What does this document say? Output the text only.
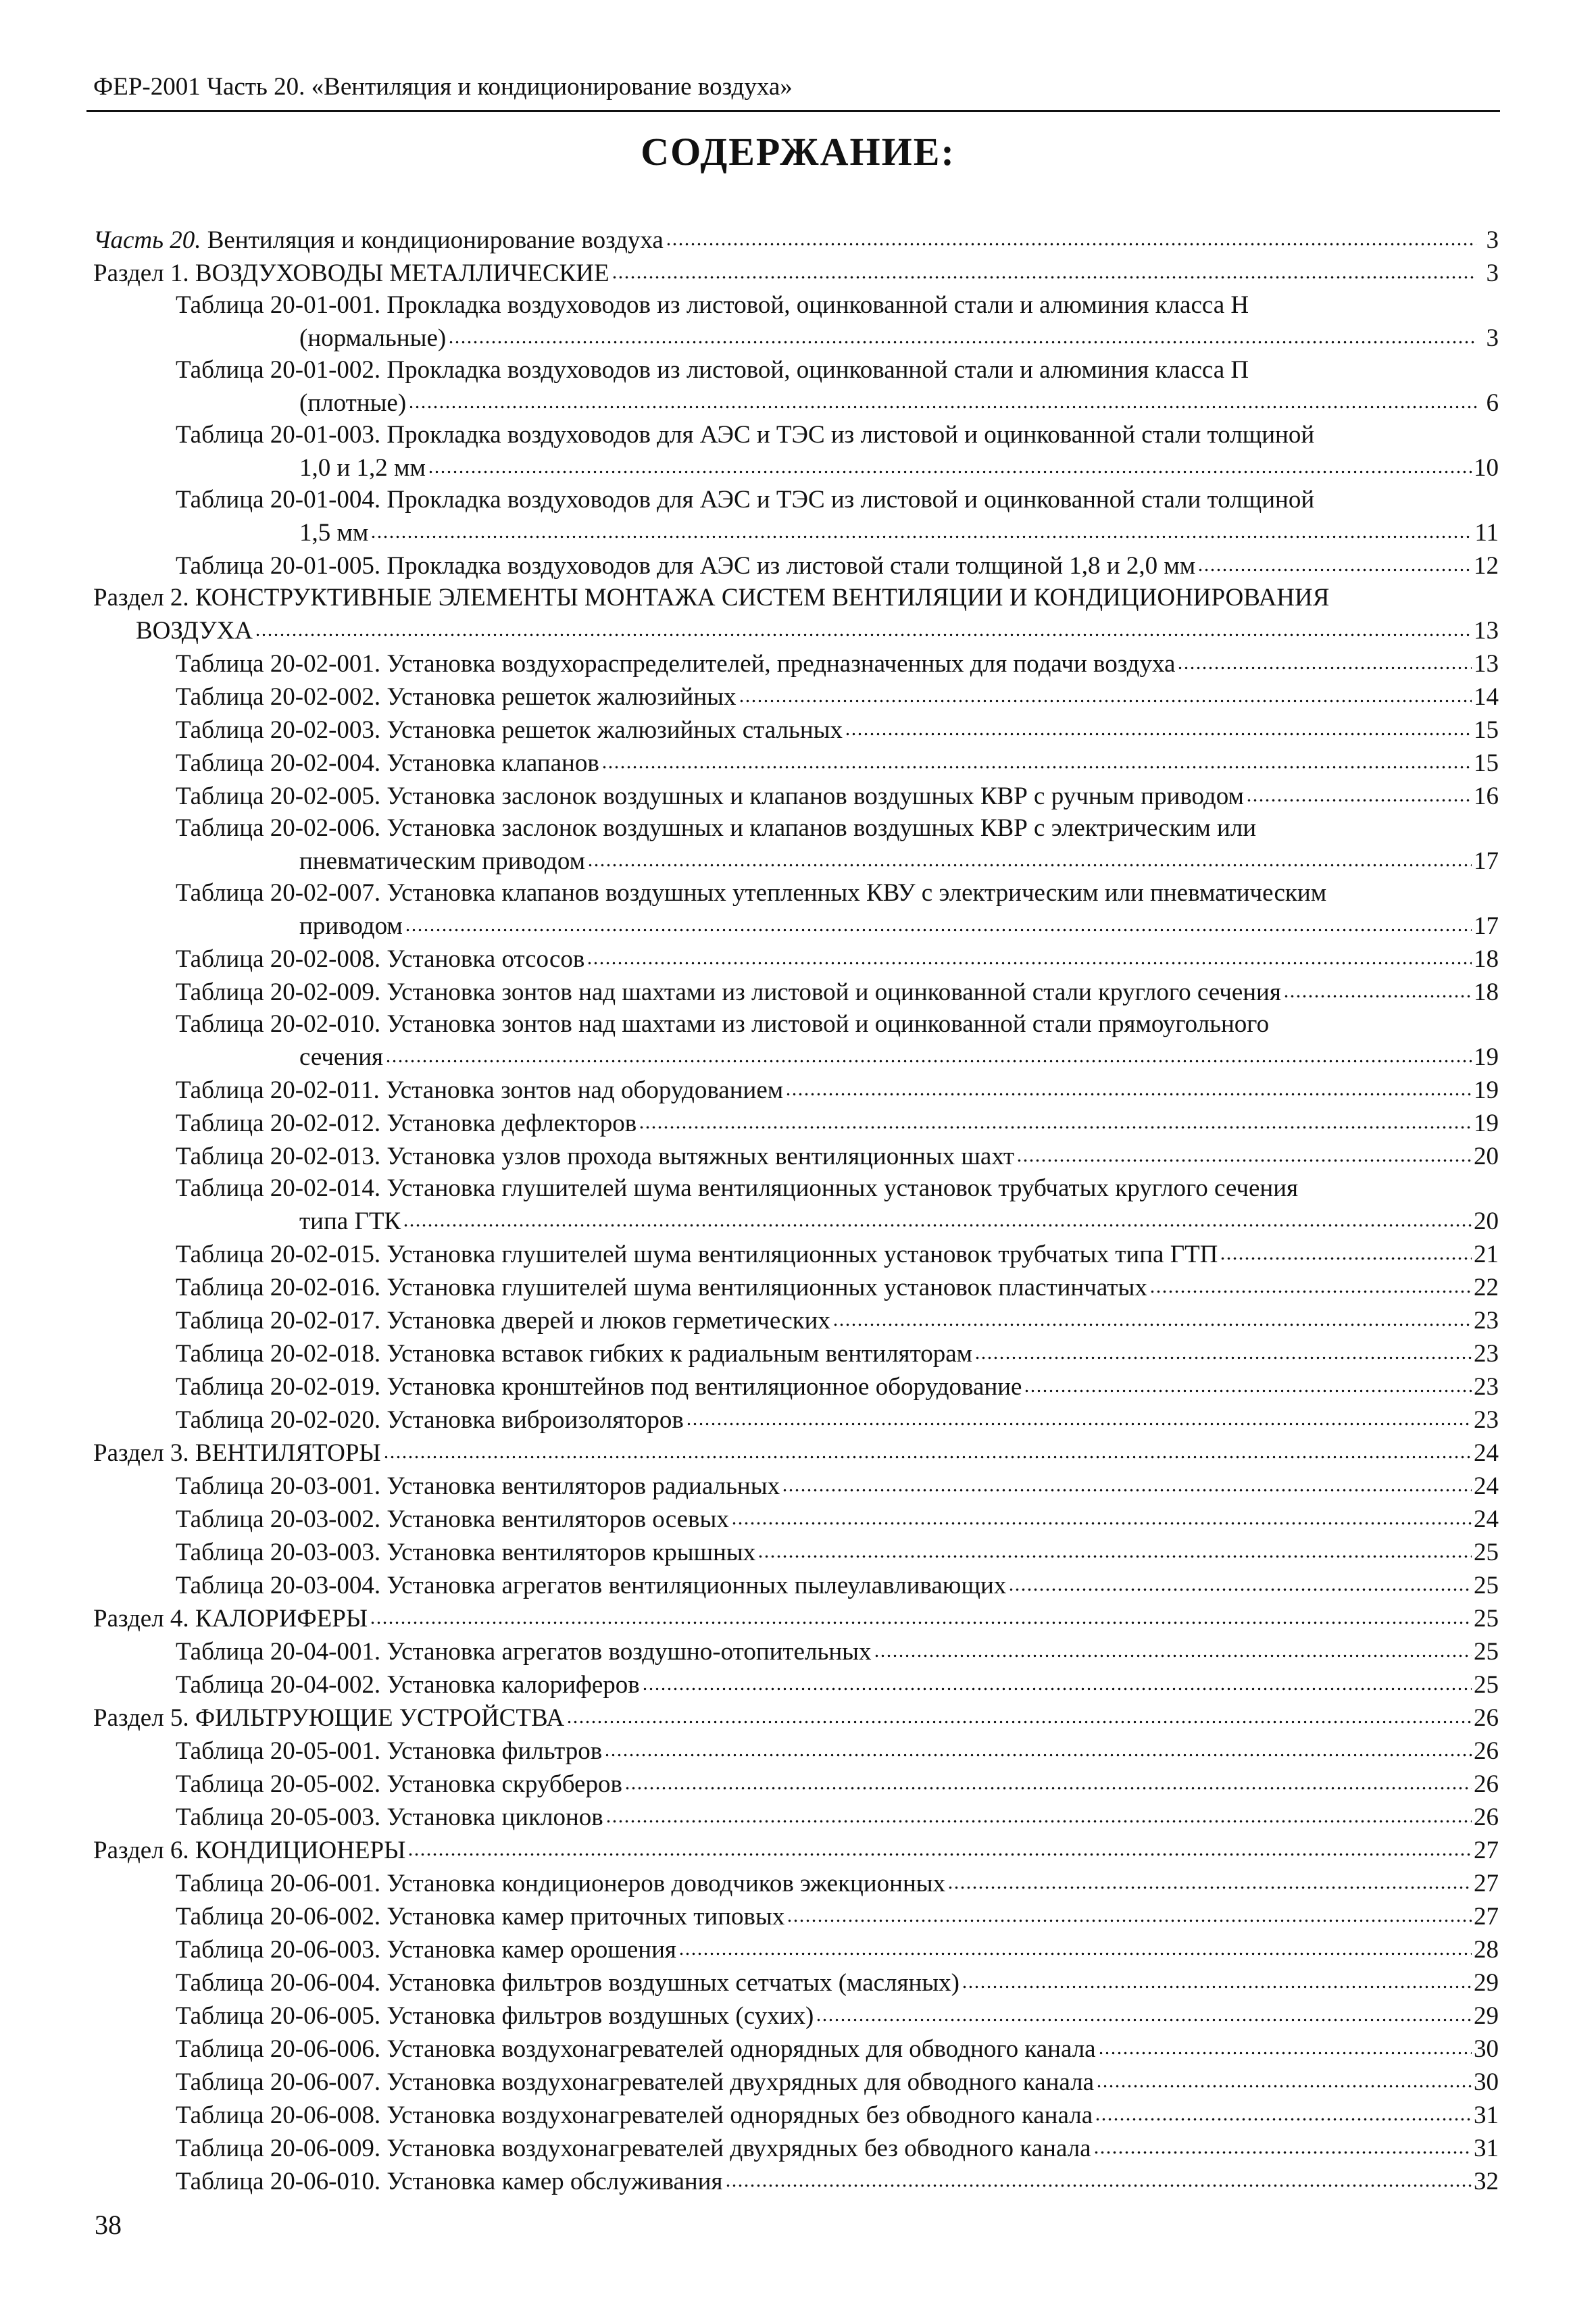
ФЕР-2001 Часть 20. «Вентиляция и кондиционирование воздуха»
СОДЕРЖАНИЕ:
Часть 20. Вентиляция и кондиционирование воздуха	3
Раздел 1. ВОЗДУХОВОДЫ МЕТАЛЛИЧЕСКИЕ	3
Таблица 20-01-001. Прокладка воздуховодов из листовой, оцинкованной стали и алюминия класса Н
(нормальные)	3
Таблица 20-01-002. Прокладка воздуховодов из листовой, оцинкованной стали и алюминия класса П
(плотные)	6
Таблица 20-01-003. Прокладка воздуховодов для АЭС и ТЭС из листовой и оцинкованной стали толщиной
1,0 и 1,2 мм	10
Таблица 20-01-004. Прокладка воздуховодов для АЭС и ТЭС из листовой и оцинкованной стали толщиной
1,5 мм	11
Таблица 20-01-005. Прокладка воздуховодов для АЭС из листовой стали толщиной 1,8 и 2,0 мм	12
Раздел 2. КОНСТРУКТИВНЫЕ ЭЛЕМЕНТЫ МОНТАЖА СИСТЕМ ВЕНТИЛЯЦИИ И КОНДИЦИОНИРОВАНИЯ
ВОЗДУХА	13
Таблица 20-02-001. Установка воздухораспределителей, предназначенных для подачи воздуха	13
Таблица 20-02-002. Установка решеток жалюзийных	14
Таблица 20-02-003. Установка решеток жалюзийных стальных	15
Таблица 20-02-004. Установка клапанов	15
Таблица 20-02-005. Установка заслонок воздушных и клапанов воздушных КВР с ручным приводом	16
Таблица 20-02-006. Установка заслонок воздушных и клапанов воздушных КВР с электрическим или
пневматическим приводом	17
Таблица 20-02-007. Установка клапанов воздушных утепленных КВУ с электрическим или пневматическим
приводом	17
Таблица 20-02-008. Установка отсосов	18
Таблица 20-02-009. Установка зонтов над шахтами из листовой и оцинкованной стали круглого сечения	18
Таблица 20-02-010. Установка зонтов над шахтами из листовой и оцинкованной стали прямоугольного
сечения	19
Таблица 20-02-011. Установка зонтов над оборудованием	19
Таблица 20-02-012. Установка дефлекторов	19
Таблица 20-02-013. Установка узлов прохода вытяжных вентиляционных шахт	20
Таблица 20-02-014. Установка глушителей шума вентиляционных установок трубчатых круглого сечения
типа ГТК	20
Таблица 20-02-015. Установка глушителей шума вентиляционных установок трубчатых типа ГТП	21
Таблица 20-02-016. Установка глушителей шума вентиляционных установок пластинчатых	22
Таблица 20-02-017. Установка дверей и люков герметических	23
Таблица 20-02-018. Установка вставок гибких к радиальным вентиляторам	23
Таблица 20-02-019. Установка кронштейнов под вентиляционное оборудование	23
Таблица 20-02-020. Установка виброизоляторов	23
Раздел 3. ВЕНТИЛЯТОРЫ	24
Таблица 20-03-001. Установка вентиляторов радиальных	24
Таблица 20-03-002. Установка вентиляторов осевых	24
Таблица 20-03-003. Установка вентиляторов крышных	25
Таблица 20-03-004. Установка агрегатов вентиляционных пылеулавливающих	25
Раздел 4. КАЛОРИФЕРЫ	25
Таблица 20-04-001. Установка агрегатов воздушно-отопительных	25
Таблица 20-04-002. Установка калориферов	25
Раздел 5. ФИЛЬТРУЮЩИЕ УСТРОЙСТВА	26
Таблица 20-05-001. Установка фильтров	26
Таблица 20-05-002. Установка скрубберов	26
Таблица 20-05-003. Установка циклонов	26
Раздел 6. КОНДИЦИОНЕРЫ	27
Таблица 20-06-001. Установка кондиционеров доводчиков эжекционных	27
Таблица 20-06-002. Установка камер приточных типовых	27
Таблица 20-06-003. Установка камер орошения	28
Таблица 20-06-004. Установка фильтров воздушных сетчатых (масляных)	29
Таблица 20-06-005. Установка фильтров воздушных (сухих)	29
Таблица 20-06-006. Установка воздухонагревателей однорядных для обводного канала	30
Таблица 20-06-007. Установка воздухонагревателей двухрядных для обводного канала	30
Таблица 20-06-008. Установка воздухонагревателей однорядных без обводного канала	31
Таблица 20-06-009. Установка воздухонагревателей двухрядных без обводного канала	31
Таблица 20-06-010. Установка камер обслуживания	32
38
